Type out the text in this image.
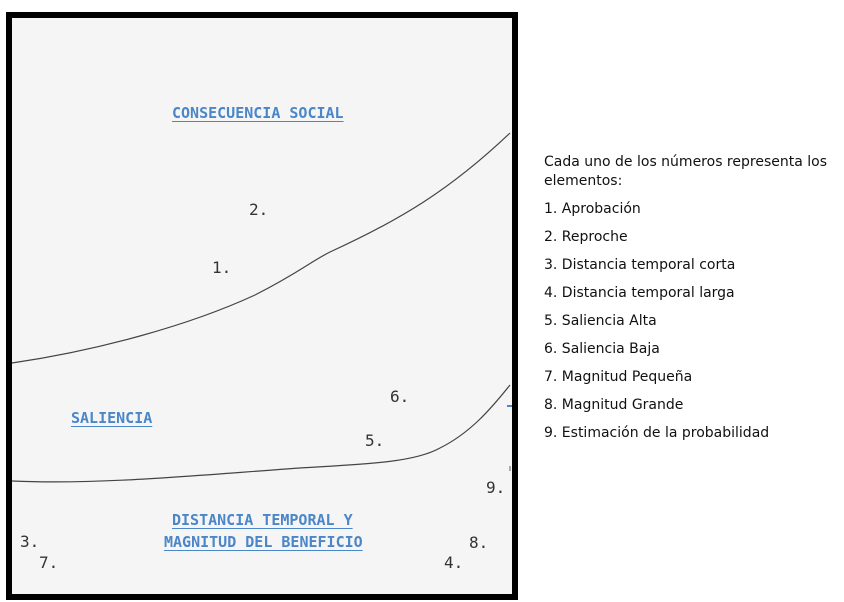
CONSECUENCIA SOCIAL
SALIENCIA
DISTANCIA TEMPORAL Y
MAGNITUD DEL BENEFICIO
1.
2.
3.
4.
5.
6.
7.
8.
9.

Cada uno de los números representa los elementos:

1. Aprobación
2. Reproche
3. Distancia temporal corta
4. Distancia temporal larga
5. Saliencia Alta
6. Saliencia Baja
7. Magnitud Pequeña
8. Magnitud Grande
9. Estimación de la probabilidad
